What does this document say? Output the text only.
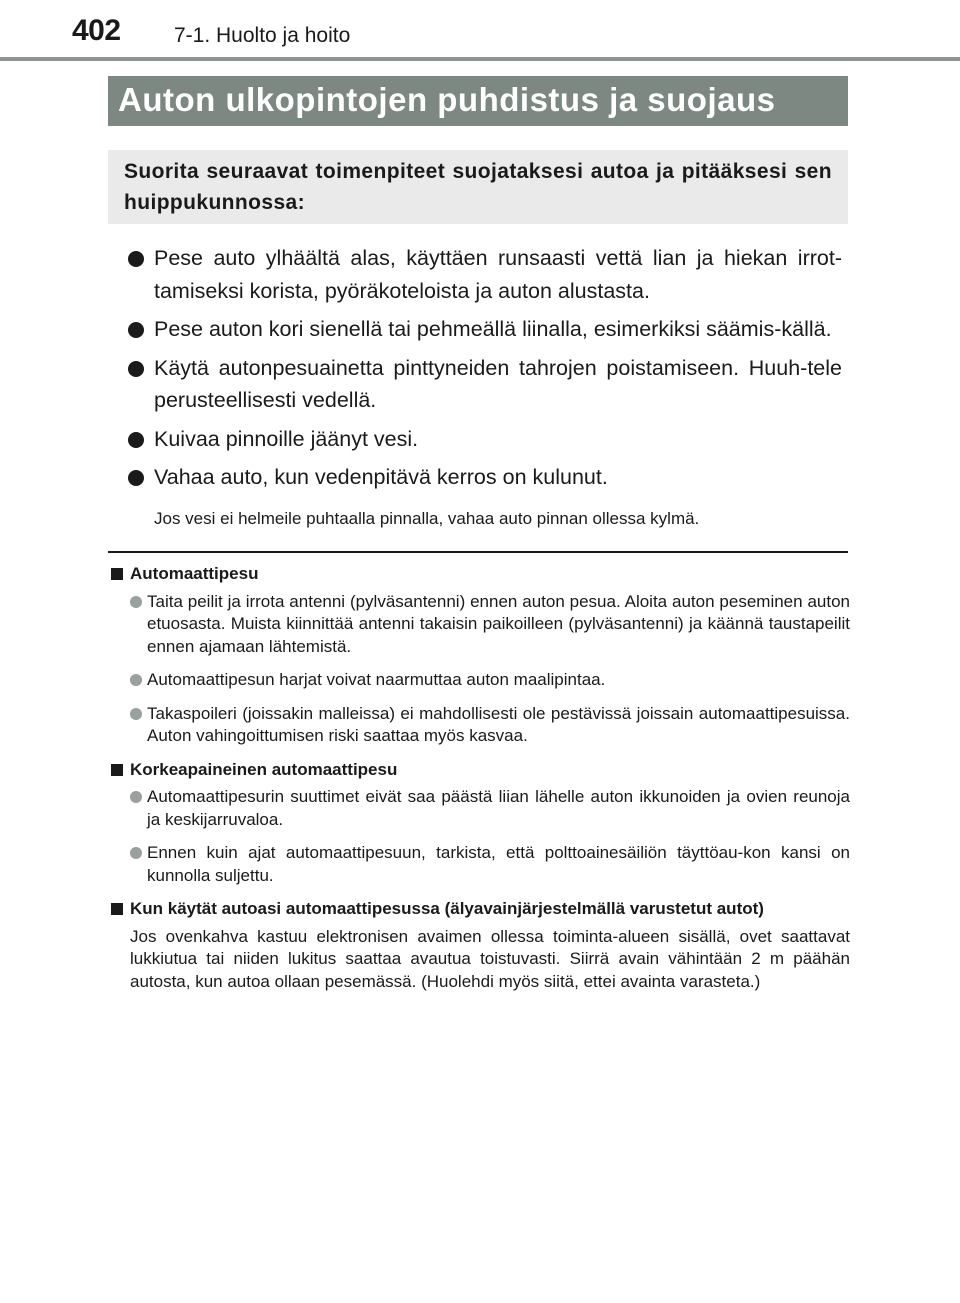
402	7-1. Huolto ja hoito
Auton ulkopintojen puhdistus ja suojaus
Suorita seuraavat toimenpiteet suojataksesi autoa ja pitääksesi sen huippukunnossa:
Pese auto ylhäältä alas, käyttäen runsaasti vettä lian ja hiekan irrot-tamiseksi korista, pyöräkoteloista ja auton alustasta.
Pese auton kori sienellä tai pehmeällä liinalla, esimerkiksi säämis-källä.
Käytä autonpesuainetta pinttyneiden tahrojen poistamiseen. Huuh-tele perusteellisesti vedellä.
Kuivaa pinnoille jäänyt vesi.
Vahaa auto, kun vedenpitävä kerros on kulunut.
Jos vesi ei helmeile puhtaalla pinnalla, vahaa auto pinnan ollessa kylmä.
Automaattipesu
Taita peilit ja irrota antenni (pylväsantenni) ennen auton pesua. Aloita auton peseminen auton etuosasta. Muista kiinnittää antenni takaisin paikoilleen (pylväsantenni) ja käännä taustapeilit ennen ajamaan lähtemistä.
Automaattipesun harjat voivat naarmuttaa auton maalipintaa.
Takaspoileri (joissakin malleissa) ei mahdollisesti ole pestävissä joissain automaattipesuissa. Auton vahingoittumisen riski saattaa myös kasvaa.
Korkeapaineinen automaattipesu
Automaattipesurin suuttimet eivät saa päästä liian lähelle auton ikkunoiden ja ovien reunoja ja keskijarruvaloa.
Ennen kuin ajat automaattipesuun, tarkista, että polttoainesäiliön täyttöau-kon kansi on kunnolla suljettu.
Kun käytät autoasi automaattipesussa (älyavainjärjestelmällä varustetut autot)
Jos ovenkahva kastuu elektronisen avaimen ollessa toiminta-alueen sisällä, ovet saattavat lukkiutua tai niiden lukitus saattaa avautua toistuvasti. Siirrä avain vähintään 2 m päähän autosta, kun autoa ollaan pesemässä. (Huolehdi myös siitä, ettei avainta varasteta.)
